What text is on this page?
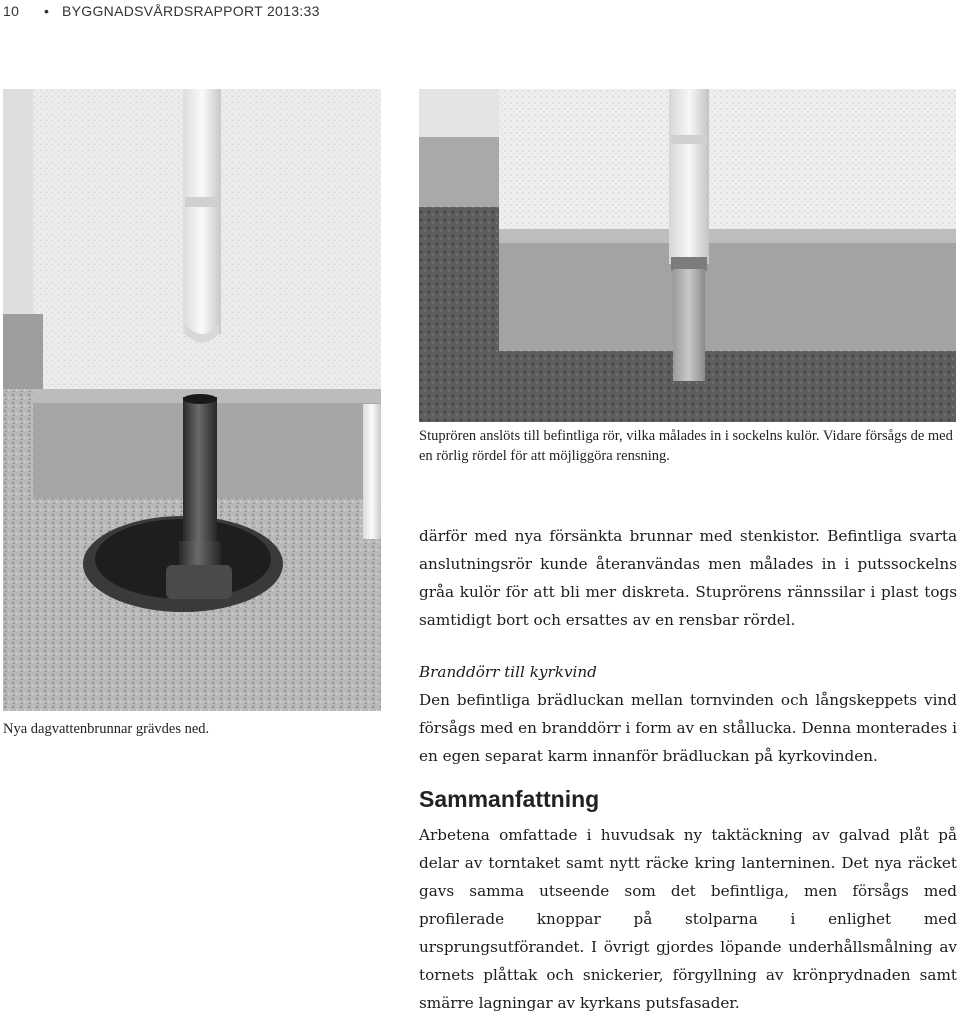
10 • BYGGNADSVÅRDSRAPPORT 2013:33
Stuprören anslöts till befintliga rör, vilka målades in i sockelns kulör. Vidare försågs de med en rörlig rördel för att möjliggöra rensning.
Nya dagvattenbrunnar grävdes ned.

därför med nya försänkta brunnar med stenkistor. Befintliga svarta anslutningsrör kunde återanvändas men målades in i putssockelns gråa kulör för att bli mer diskreta. Stuprörens rännssilar i plast togs samtidigt bort och ersattes av en rensbar rördel.

Branddörr till kyrkvind

Den befintliga brädluckan mellan tornvinden och långskeppets vind försågs med en branddörr i form av en stållucka. Denna monterades i en egen separat karm innanför brädluckan på kyrkovinden.

Sammanfattning

Arbetena omfattade i huvudsak ny taktäckning av galvad plåt på delar av torntaket samt nytt räcke kring lanterninen. Det nya räcket gavs samma utseende som det befintliga, men försågs med profilerade knoppar på stolparna i enlighet med ursprungsutförandet. I övrigt gjordes löpande underhållsmålning av tornets plåttak och snickerier, förgyllning av krönprydnaden samt smärre lagningar av kyrkans putsfasader.
